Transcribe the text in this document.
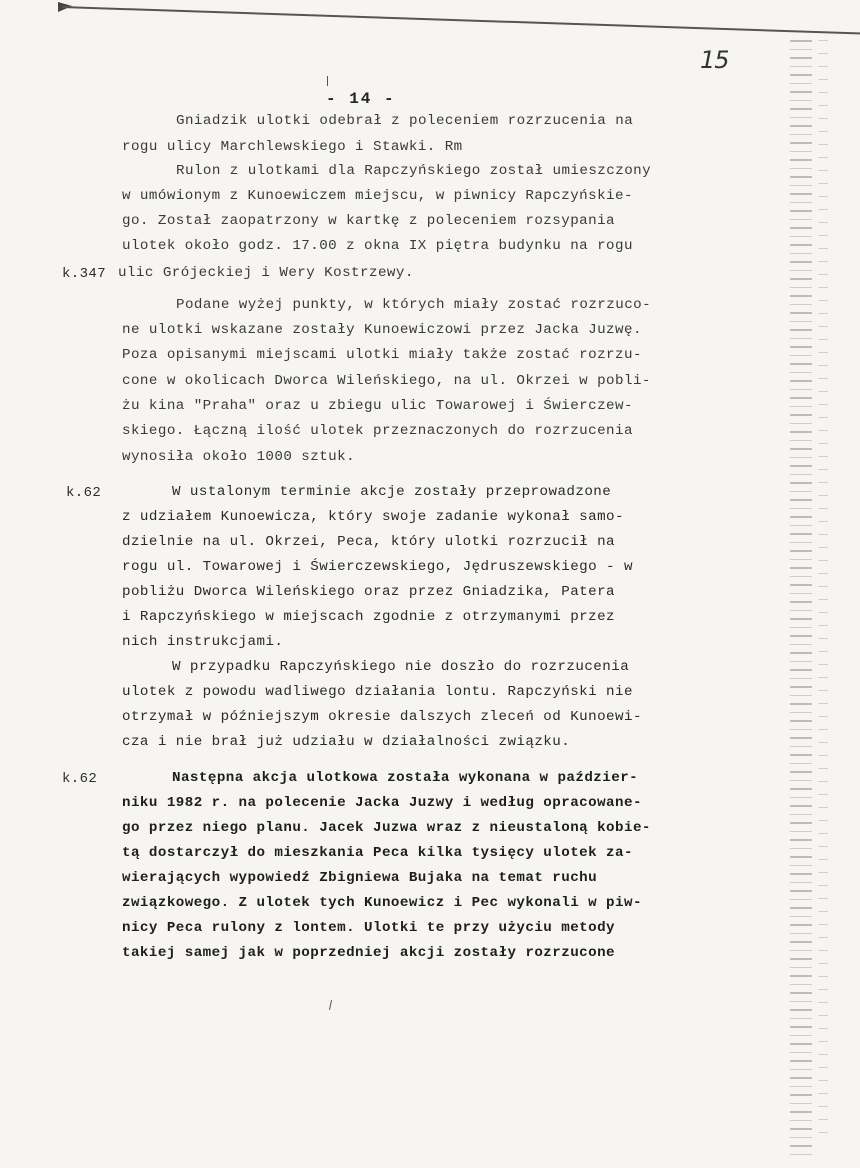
15
- 14 -
k.347
k.62
k.62
Gniadzik ulotki odebrał z poleceniem rozrzucenia na
rogu ulicy Marchlewskiego i Stawki. Rm
Rulon z ulotkami dla Rapczyńskiego został umieszczony
w umówionym z Kunoewiczem miejscu, w piwnicy Rapczyńskie-
go. Został zaopatrzony w kartkę z poleceniem rozsypania
ulotek około godz. 17.00 z okna IX piętra budynku na rogu
ulic Grójeckiej i Wery Kostrzewy.
Podane wyżej punkty, w których miały zostać rozrzuco-
ne ulotki wskazane zostały Kunoewiczowi przez Jacka Juzwę.
Poza opisanymi miejscami ulotki miały także zostać rozrzu-
cone w okolicach Dworca Wileńskiego, na ul. Okrzei w pobli-
żu kina "Praha" oraz u zbiegu ulic Towarowej i Świerczew-
skiego. Łączną ilość ulotek przeznaczonych do rozrzucenia
wynosiła około 1000 sztuk.
W ustalonym terminie akcje zostały przeprowadzone
z udziałem Kunoewicza, który swoje zadanie wykonał samo-
dzielnie na ul. Okrzei, Peca, który ulotki rozrzucił na
rogu ul. Towarowej i Świerczewskiego, Jędruszewskiego - w
pobliżu Dworca Wileńskiego oraz przez Gniadzika, Patera
i Rapczyńskiego w miejscach zgodnie z otrzymanymi przez
nich instrukcjami.
W przypadku Rapczyńskiego nie doszło do rozrzucenia
ulotek z powodu wadliwego działania lontu. Rapczyński nie
otrzymał w późniejszym okresie dalszych zleceń od Kunoewi-
cza i nie brał już udziału w działalności związku.
Następna akcja ulotkowa została wykonana w paździer-
niku 1982 r. na polecenie Jacka Juzwy i według opracowane-
go przez niego planu. Jacek Juzwa wraz z nieustaloną kobie-
tą dostarczył do mieszkania Peca kilka tysięcy ulotek za-
wierających wypowiedź Zbigniewa Bujaka na temat ruchu
związkowego. Z ulotek tych Kunoewicz i Pec wykonali w piw-
nicy Peca rulony z lontem. Ulotki te przy użyciu metody
takiej samej jak w poprzedniej akcji zostały rozrzucone
